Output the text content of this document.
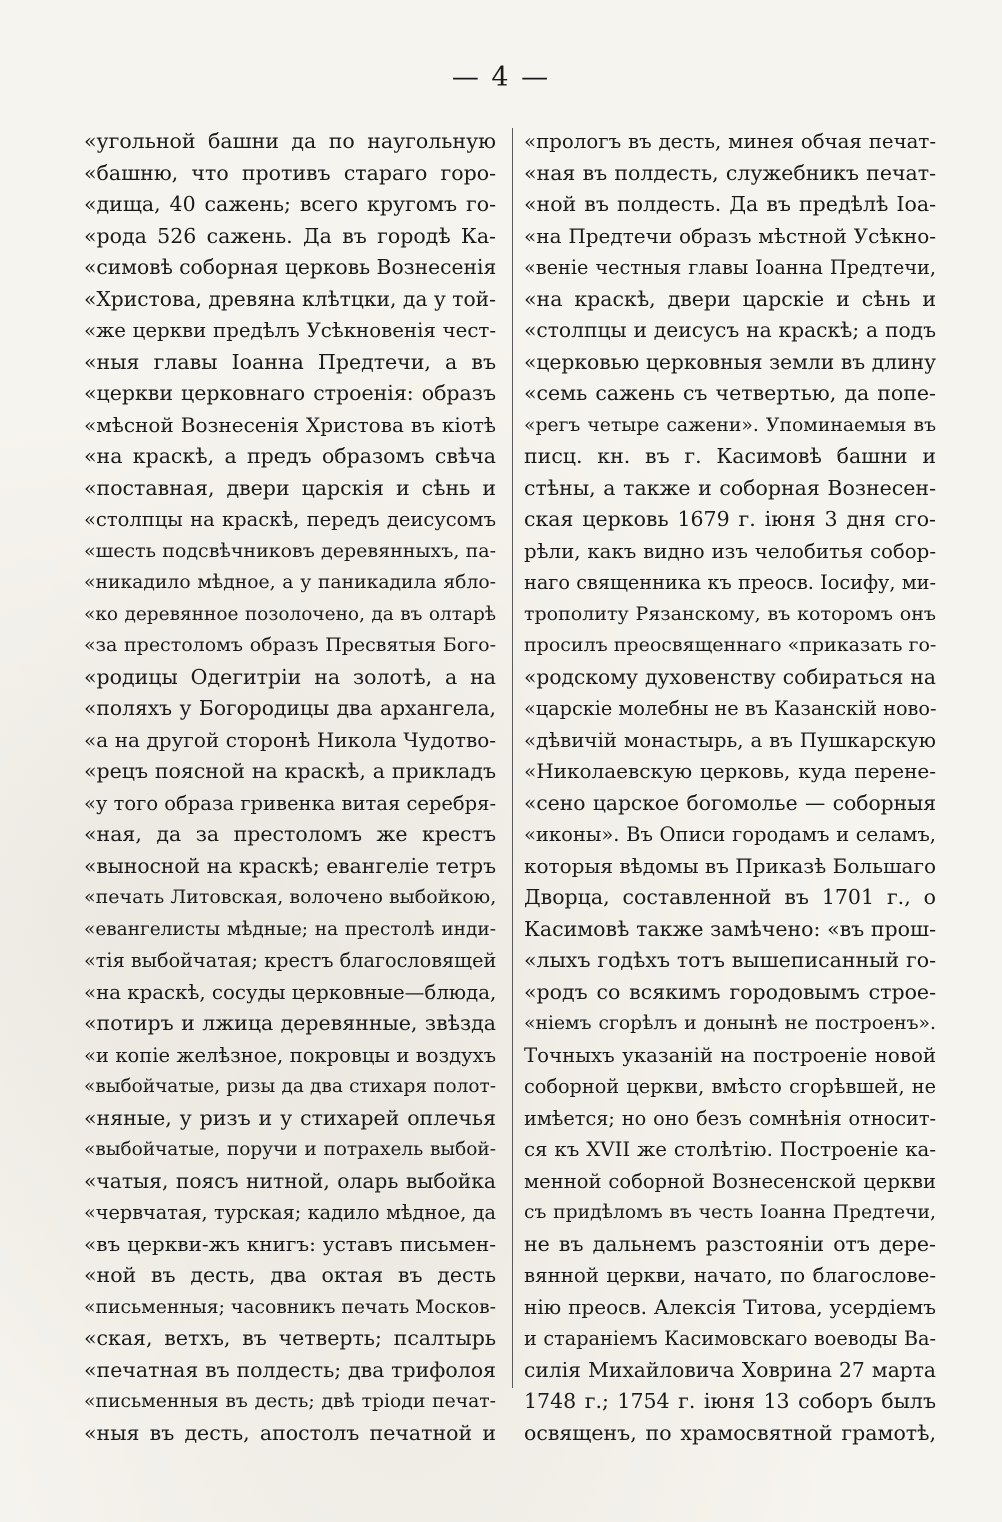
— 4 —
«угольной башни да по наугольную
«башню, что противъ стараго горо-
«дища, 40 сажень; всего кругомъ го-
«рода 526 сажень. Да въ городѣ Ка-
«симовѣ соборная церковь Вознесенія
«Христова, древяна клѣтцки, да у той-
«же церкви предѣлъ Усѣкновенія чест-
«ныя главы Іоанна Предтечи, а въ
«церкви церковнаго строенія: образъ
«мѣсной Вознесенія Христова въ кіотѣ
«на краскѣ, а предъ образомъ свѣча
«поставная, двери царскія и сѣнь и
«столпцы на краскѣ, передъ деисусомъ
«шесть подсвѣчниковъ деревянныхъ, па-
«никадило мѣдное, а у паникадила ябло-
«ко деревянное позолочено, да въ олтарѣ
«за престоломъ образъ Пресвятыя Бого-
«родицы Одегитріи на золотѣ, а на
«поляхъ у Богородицы два архангела,
«а на другой сторонѣ Никола Чудотво-
«рецъ поясной на краскѣ, а прикладъ
«у того образа гривенка витая серебря-
«ная, да за престоломъ же крестъ
«выносной на краскѣ; евангеліе тетръ
«печать Литовская, волочено выбойкою,
«евангелисты мѣдные; на престолѣ инди-
«тія выбойчатая; крестъ благословящей
«на краскѣ, сосуды церковные—блюда,
«потиръ и лжица деревянные, звѣзда
«и копіе желѣзное, покровцы и воздухъ
«выбойчатые, ризы да два стихаря полот-
«няные, у ризъ и у стихарей оплечья
«выбойчатые, поручи и потрахель выбой-
«чатыя, поясъ нитной, оларь выбойка
«червчатая, турская; кадило мѣдное, да
«въ церкви-жъ книгъ: уставъ письмен-
«ной въ десть, два октая въ десть
«письменныя; часовникъ печать Москов-
«ская, ветхъ, въ четверть; псалтырь
«печатная въ полдесть; два трифолоя
«письменныя въ десть; двѣ тріоди печат-
«ныя въ десть, апостолъ печатной и
«прологъ въ десть, минея обчая печат-
«ная въ полдесть, служебникъ печат-
«ной въ полдесть. Да въ предѣлѣ Іоа-
«на Предтечи образъ мѣстной Усѣкно-
«веніе честныя главы Іоанна Предтечи,
«на краскѣ, двери царскіе и сѣнь и
«столпцы и деисусъ на краскѣ; а подъ
«церковью церковныя земли въ длину
«семь сажень съ четвертью, да попе-
«регъ четыре сажени». Упоминаемыя въ
писц. кн. въ г. Касимовѣ башни и
стѣны, а также и соборная Вознесен-
ская церковь 1679 г. іюня 3 дня сго-
рѣли, какъ видно изъ челобитья собор-
наго священника къ преосв. Іосифу, ми-
трополиту Рязанскому, въ которомъ онъ
просилъ преосвященнаго «приказать го-
«родскому духовенству собираться на
«царскіе молебны не въ Казанскій ново-
«дѣвичій монастырь, а въ Пушкарскую
«Николаевскую церковь, куда перене-
«сено царское богомолье — соборныя
«иконы». Въ Описи городамъ и селамъ,
которыя вѣдомы въ Приказѣ Большаго
Дворца, составленной въ 1701 г., о
Касимовѣ также замѣчено: «въ прош-
«лыхъ годѣхъ тотъ вышеписанный го-
«родъ со всякимъ городовымъ строе-
«ніемъ сгорѣлъ и донынѣ не построенъ».
Точныхъ указаній на построеніе новой
соборной церкви, вмѣсто сгорѣвшей, не
имѣется; но оно безъ сомнѣнія относит-
ся къ XVII же столѣтію. Построеніе ка-
менной соборной Вознесенской церкви
съ придѣломъ въ честь Іоанна Предтечи,
не въ дальнемъ разстояніи отъ дере-
вянной церкви, начато, по благослове-
нію преосв. Алексія Титова, усердіемъ
и стараніемъ Касимовскаго воеводы Ва-
силія Михайловича Ховрина 27 марта
1748 г.; 1754 г. іюня 13 соборъ былъ
освященъ, по храмосвятной грамотѣ,
